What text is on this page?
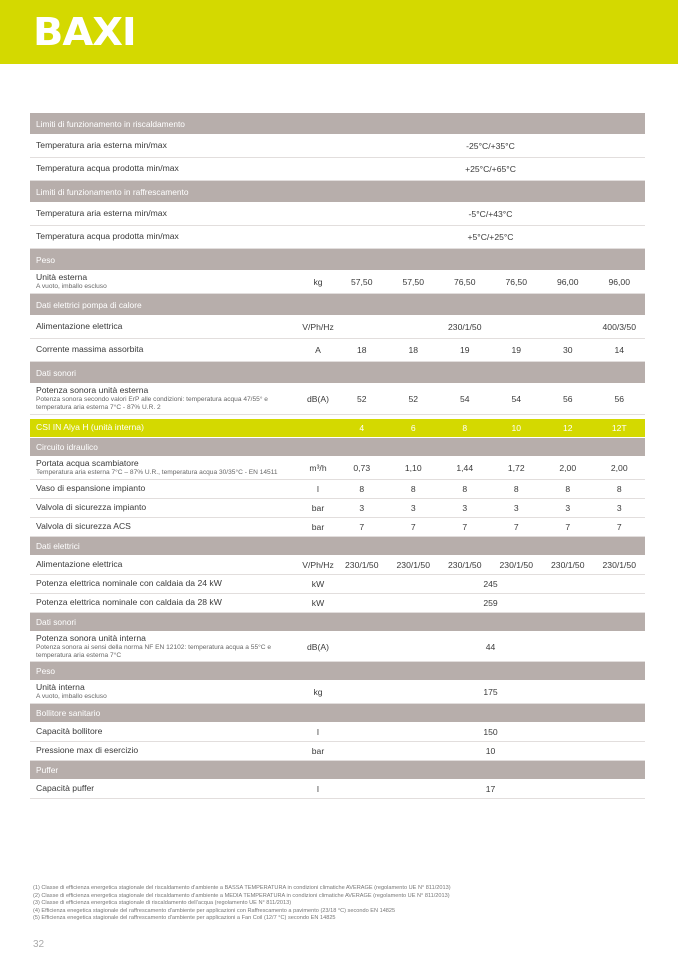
BAXI
Limiti di funzionamento in riscaldamento
Temperatura aria esterna min/max	-25°C/+35°C
Temperatura acqua prodotta min/max	+25°C/+65°C
Limiti di funzionamento in raffrescamento
Temperatura aria esterna min/max	-5°C/+43°C
Temperatura acqua prodotta min/max	+5°C/+25°C
Peso
Unità esterna
A vuoto, imballo escluso	kg	57,50	57,50	76,50	76,50	96,00	96,00
Dati elettrici pompa di calore
Alimentazione elettrica	V/Ph/Hz	230/1/50	400/3/50
Corrente massima assorbita	A	18	18	19	19	30	14
Dati sonori
Potenza sonora unità esterna
Potenza sonora secondo valori ErP alle condizioni: temperatura acqua 47/55° e temperatura aria esterna 7°C - 87% U.R. 2
dB(A)	52	52	54	54	56	56
CSI IN Alya H (unità interna)	4	6	8	10	12	12T
Circuito idraulico
Portata acqua scambiatore
Temperatura aria esterna 7°C – 87% U.R., temperatura acqua 30/35°C - EN 14511	m³/h	0,73	1,10	1,44	1,72	2,00	2,00
Vaso di espansione impianto	l	8	8	8	8	8	8
Valvola di sicurezza impianto	bar	3	3	3	3	3	3
Valvola di sicurezza ACS	bar	7	7	7	7	7	7
Dati elettrici
Alimentazione elettrica	V/Ph/Hz	230/1/50	230/1/50	230/1/50	230/1/50	230/1/50	230/1/50
Potenza elettrica nominale con caldaia da 24 kW	kW	245
Potenza elettrica nominale con caldaia da 28 kW	kW	259
Dati sonori
Potenza sonora unità interna
Potenza sonora ai sensi della norma NF EN 12102: temperatura acqua a 55°C e temperatura aria esterna 7°C
dB(A)	44
Peso
Unità interna
A vuoto, imballo escluso	kg	175
Bollitore sanitario
Capacità bollitore	l	150
Pressione max di esercizio	bar	10
Puffer
Capacità puffer	l	17
(1) Classe di efficienza energetica stagionale del riscaldamento d'ambiente a BASSA TEMPERATURA in condizioni climatiche AVERAGE (regolamento UE N° 811/2013)
(2) Classe di efficienza energetica stagionale del riscaldamento d'ambiente a MEDIA TEMPERATURA in condizioni climatiche AVERAGE (regolamento UE N° 811/2013)
(3) Classe di efficienza energetica stagionale di riscaldamento dell'acqua (regolamento UE N° 811/2013)
(4) Efficienza enegetica stagionale del raffrescamento d'ambiente per applicazioni con Raffrescamento a pavimento (23/18 °C) secondo EN 14825
(5) Efficienza enegetica stagionale del raffrescamento d'ambiente per applicazioni a Fan Coil (12/7 °C) secondo EN 14825
32
